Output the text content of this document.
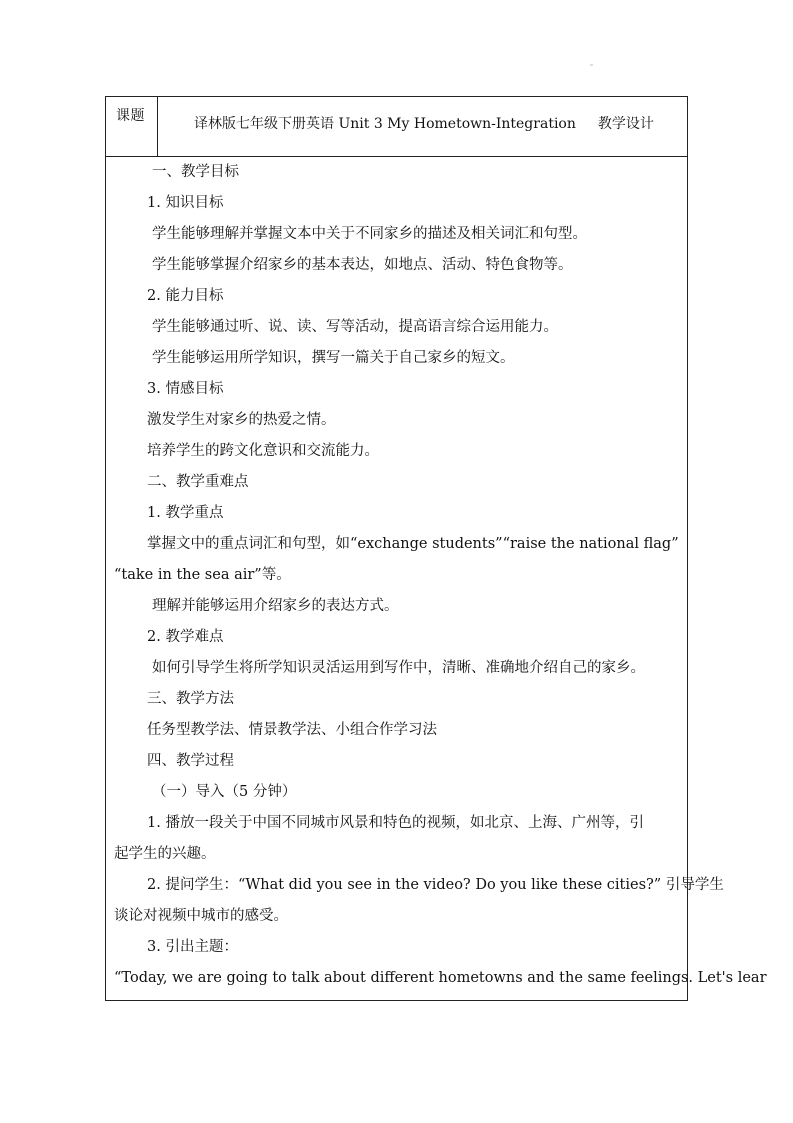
课题	译林版七年级下册英语 Unit 3 My Hometown-Integration 教学设计
一、教学目标
1. 知识目标
学生能够理解并掌握文本中关于不同家乡的描述及相关词汇和句型。
学生能够掌握介绍家乡的基本表达，如地点、活动、特色食物等。
2. 能力目标
学生能够通过听、说、读、写等活动，提高语言综合运用能力。
学生能够运用所学知识，撰写一篇关于自己家乡的短文。
3. 情感目标
激发学生对家乡的热爱之情。
培养学生的跨文化意识和交流能力。
二、教学重难点
1. 教学重点
掌握文中的重点词汇和句型，如“exchange students”“raise the national flag”
“take in the sea air”等。
理解并能够运用介绍家乡的表达方式。
2. 教学难点
如何引导学生将所学知识灵活运用到写作中，清晰、准确地介绍自己的家乡。
三、教学方法
任务型教学法、情景教学法、小组合作学习法
四、教学过程
（一）导入（5 分钟）
1. 播放一段关于中国不同城市风景和特色的视频，如北京、上海、广州等，引
起学生的兴趣。
2. 提问学生：“What did you see in the video? Do you like these cities?” 引导学生
谈论对视频中城市的感受。
3. 引出主题：
“Today, we are going to talk about different hometowns and the same feelings. Let's lear
